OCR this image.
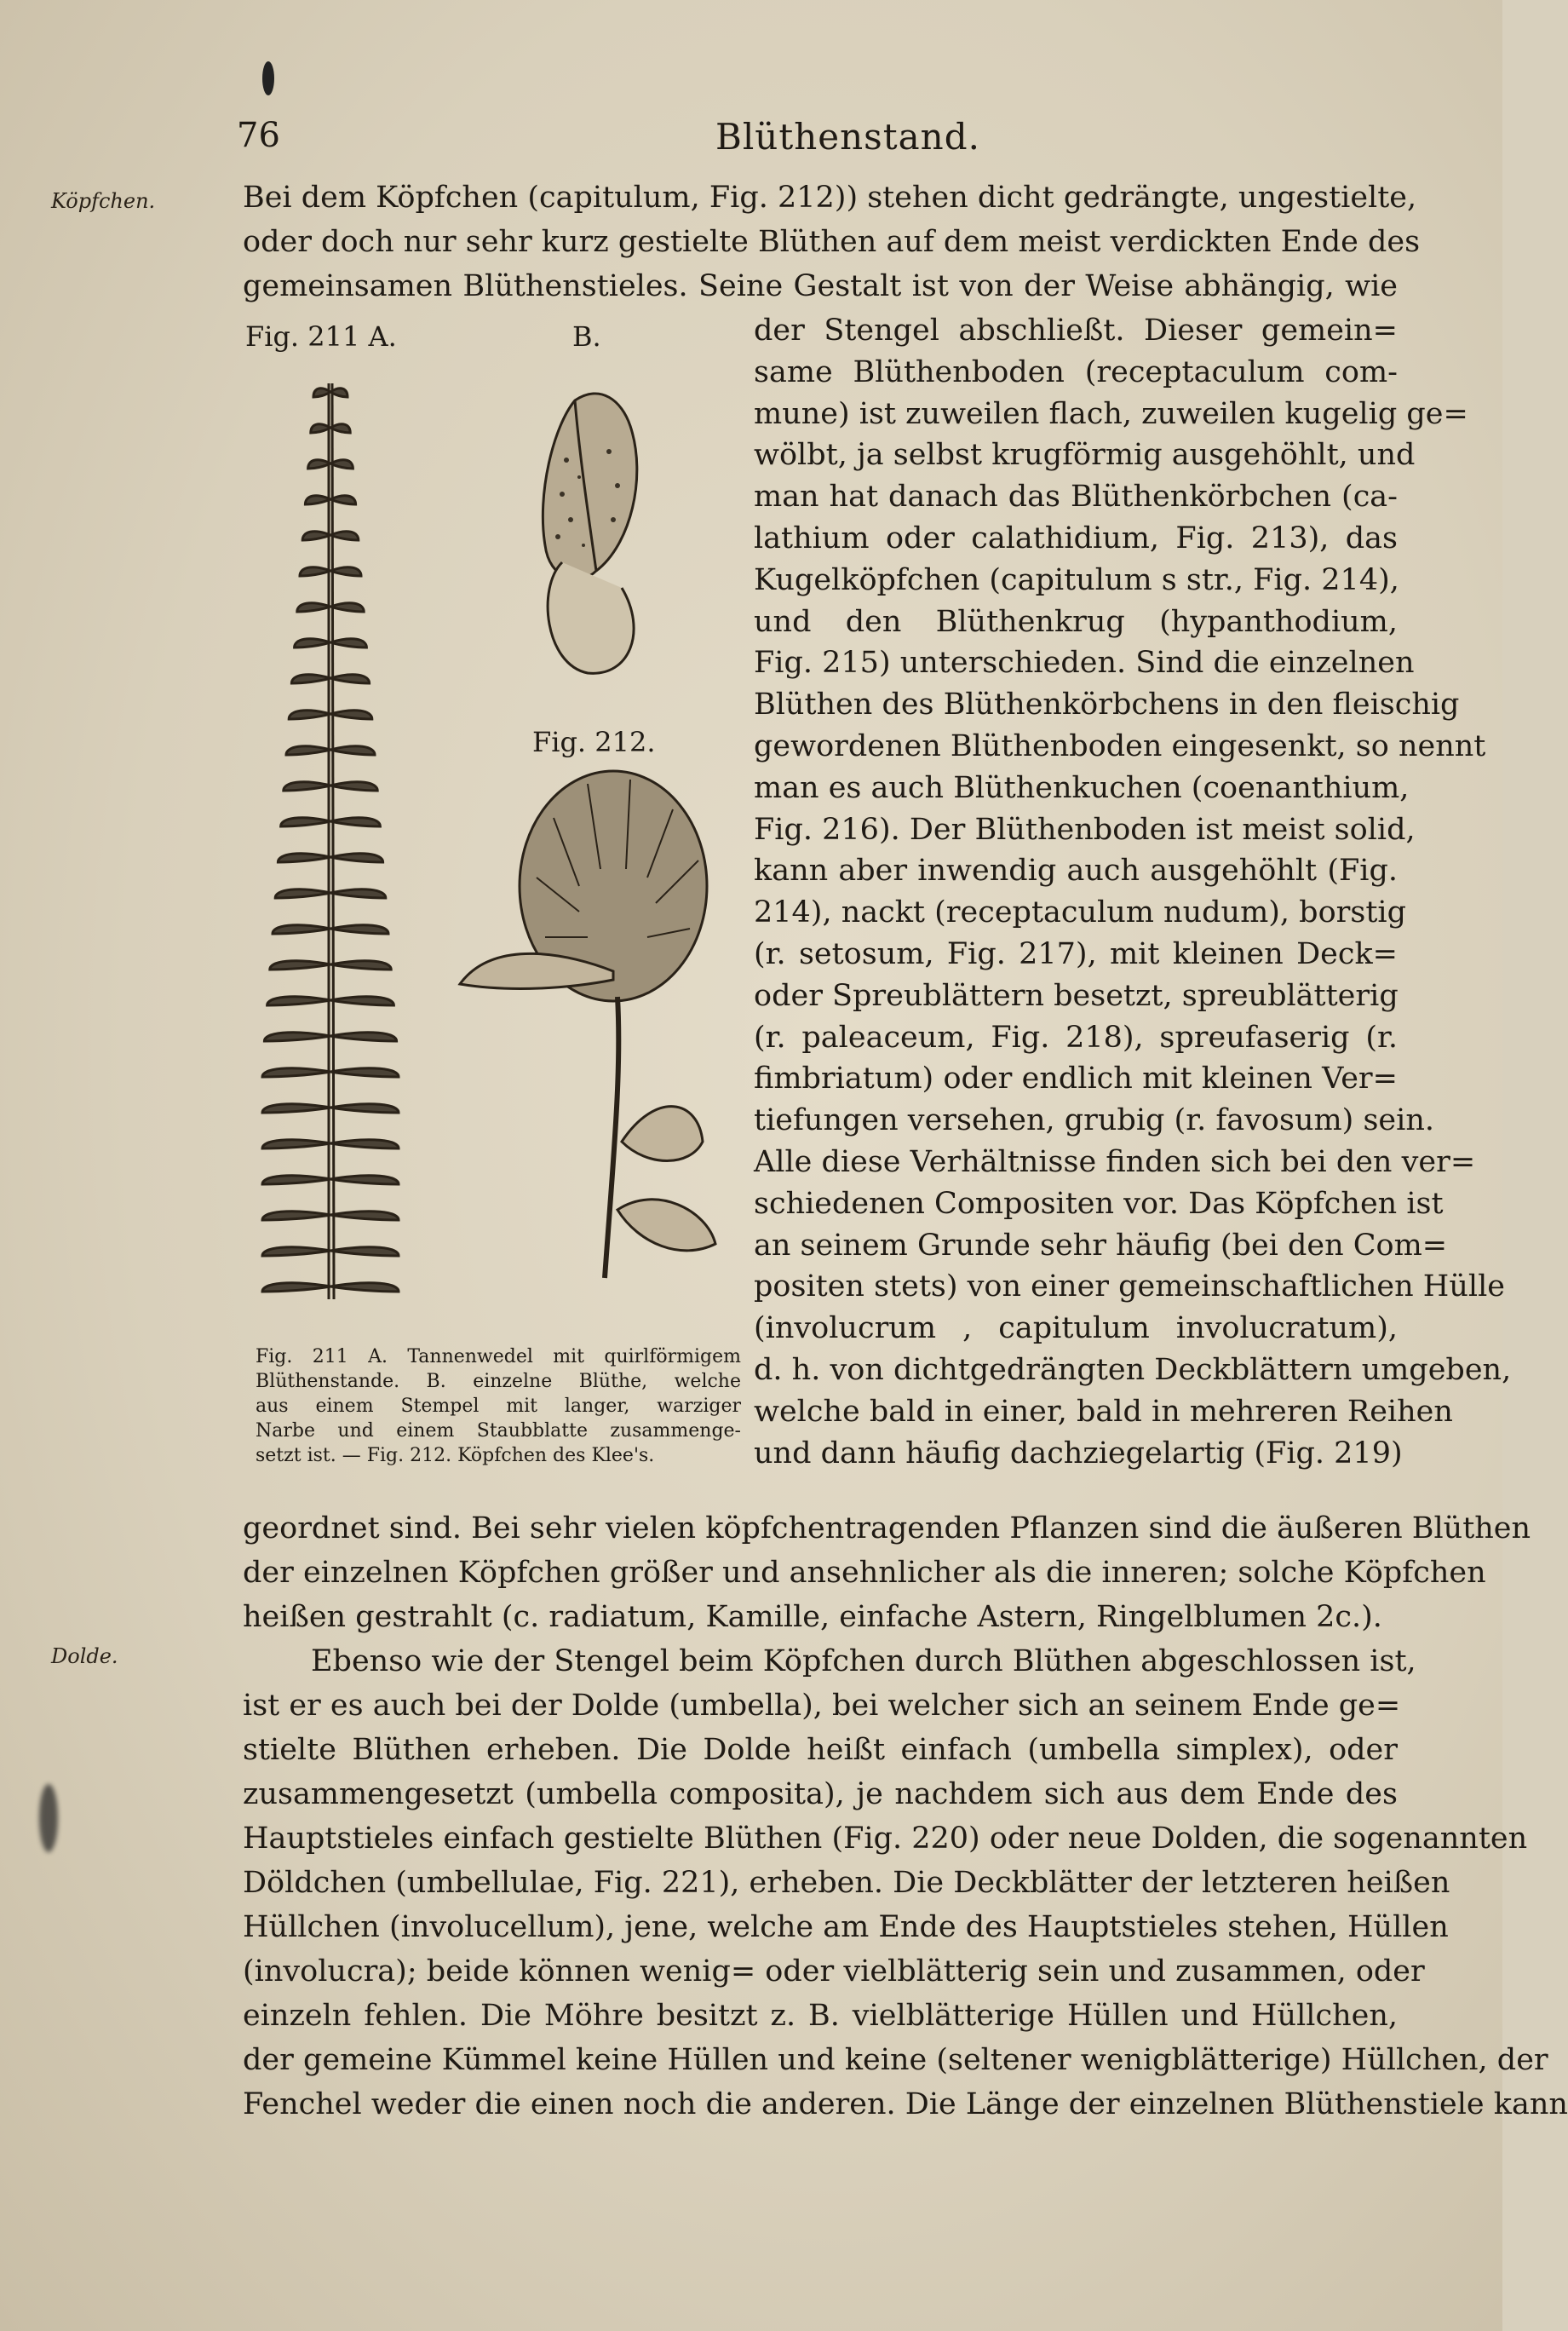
76	Blüthenstand.
Köpfchen.
Dolde.
Bei dem Köpfchen (capitulum, Fig. 212)) stehen dicht gedrängte, ungestielte,
oder doch nur sehr kurz gestielte Blüthen auf dem meist verdickten Ende des
gemeinsamen Blüthenstieles. Seine Gestalt ist von der Weise abhängig, wie
Fig. 211 A.	B.
Fig. 212.
der Stengel abschließt. Dieser gemein=
same Blüthenboden (receptaculum com-
mune) ist zuweilen flach, zuweilen kugelig ge=
wölbt, ja selbst krugförmig ausgehöhlt, und
man hat danach das Blüthenkörbchen (ca-
lathium oder calathidium, Fig. 213), das
Kugelköpfchen (capitulum s str., Fig. 214),
und den Blüthenkrug (hypanthodium,
Fig. 215) unterschieden. Sind die einzelnen
Blüthen des Blüthenkörbchens in den fleischig
gewordenen Blüthenboden eingesenkt, so nennt
man es auch Blüthenkuchen (coenanthium,
Fig. 216). Der Blüthenboden ist meist solid,
kann aber inwendig auch ausgehöhlt (Fig.
214), nackt (receptaculum nudum), borstig
(r. setosum, Fig. 217), mit kleinen Deck=
oder Spreublättern besetzt, spreublätterig
(r. paleaceum, Fig. 218), spreufaserig (r.
fimbriatum) oder endlich mit kleinen Ver=
tiefungen versehen, grubig (r. favosum) sein.
Alle diese Verhältnisse finden sich bei den ver=
schiedenen Compositen vor. Das Köpfchen ist
an seinem Grunde sehr häufig (bei den Com=
positen stets) von einer gemeinschaftlichen Hülle
(involucrum , capitulum involucratum),
d. h. von dichtgedrängten Deckblättern umgeben,
welche bald in einer, bald in mehreren Reihen
und dann häufig dachziegelartig (Fig. 219)
Fig. 211 A. Tannenwedel mit quirlförmigem
Blüthenstande. B. einzelne Blüthe, welche
aus einem Stempel mit langer, warziger
Narbe und einem Staubblatte zusammenge-
setzt ist. — Fig. 212. Köpfchen des Klee's.
geordnet sind. Bei sehr vielen köpfchentragenden Pflanzen sind die äußeren Blüthen
der einzelnen Köpfchen größer und ansehnlicher als die inneren; solche Köpfchen
heißen gestrahlt (c. radiatum, Kamille, einfache Astern, Ringelblumen 2c.).
Ebenso wie der Stengel beim Köpfchen durch Blüthen abgeschlossen ist,
ist er es auch bei der Dolde (umbella), bei welcher sich an seinem Ende ge=
stielte Blüthen erheben. Die Dolde heißt einfach (umbella simplex), oder
zusammengesetzt (umbella composita), je nachdem sich aus dem Ende des
Hauptstieles einfach gestielte Blüthen (Fig. 220) oder neue Dolden, die sogenannten
Döldchen (umbellulae, Fig. 221), erheben. Die Deckblätter der letzteren heißen
Hüllchen (involucellum), jene, welche am Ende des Hauptstieles stehen, Hüllen
(involucra); beide können wenig= oder vielblätterig sein und zusammen, oder
einzeln fehlen. Die Möhre besitzt z. B. vielblätterige Hüllen und Hüllchen,
der gemeine Kümmel keine Hüllen und keine (seltener wenigblätterige) Hüllchen, der
Fenchel weder die einen noch die anderen. Die Länge der einzelnen Blüthenstiele kann
